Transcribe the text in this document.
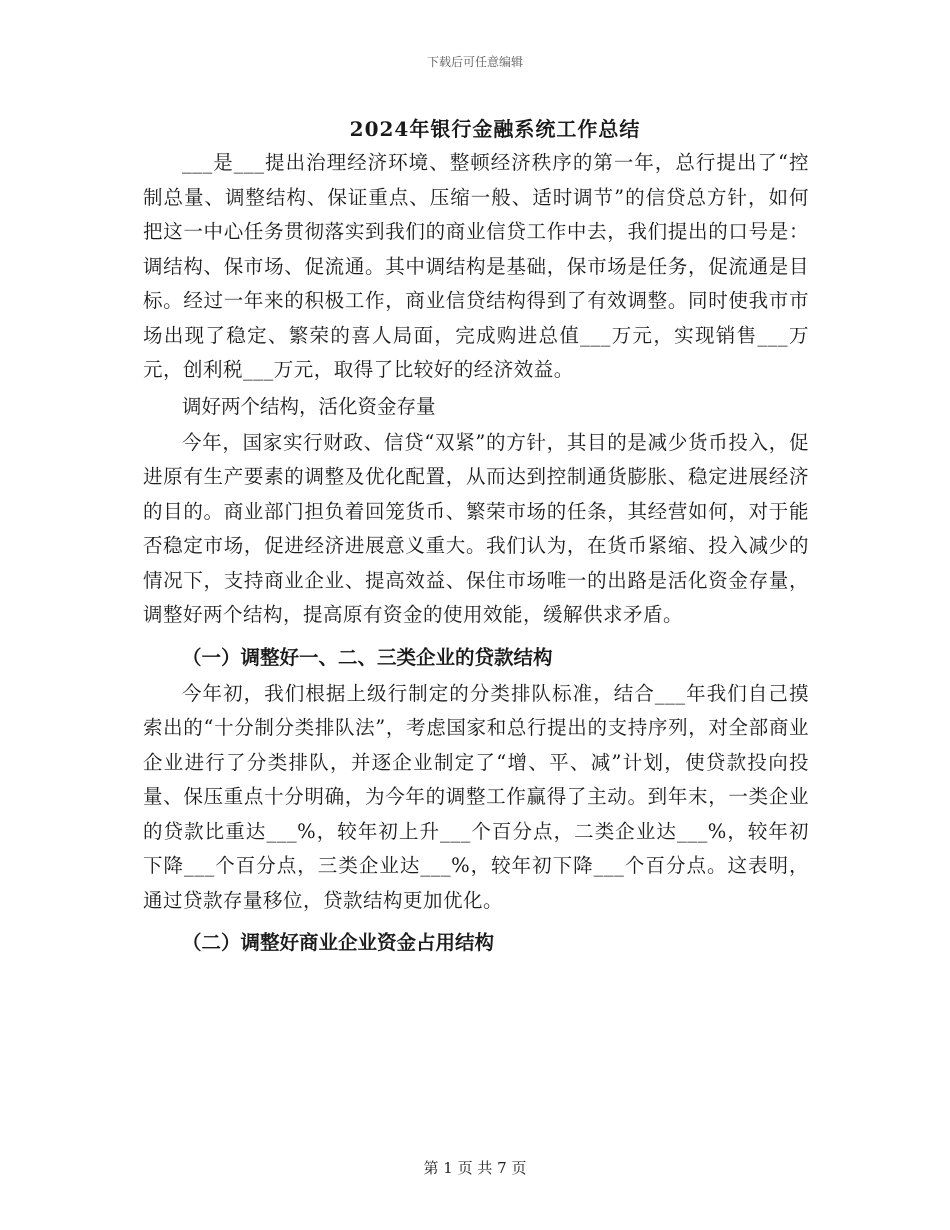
下载后可任意编辑
2024年银行金融系统工作总结

___是___提出治理经济环境、整顿经济秩序的第一年，总行提出了“控制总量、调整结构、保证重点、压缩一般、适时调节”的信贷总方针，如何把这一中心任务贯彻落实到我们的商业信贷工作中去，我们提出的口号是：调结构、保市场、促流通。其中调结构是基础，保市场是任务，促流通是目标。经过一年来的积极工作，商业信贷结构得到了有效调整。同时使我市市场出现了稳定、繁荣的喜人局面，完成购进总值___万元，实现销售___万元，创利税___万元，取得了比较好的经济效益。

调好两个结构，活化资金存量

今年，国家实行财政、信贷“双紧”的方针，其目的是减少货币投入，促进原有生产要素的调整及优化配置，从而达到控制通货膨胀、稳定进展经济的目的。商业部门担负着回笼货币、繁荣市场的任条，其经营如何，对于能否稳定市场，促进经济进展意义重大。我们认为，在货币紧缩、投入减少的情况下，支持商业企业、提高效益、保住市场唯一的出路是活化资金存量，调整好两个结构，提高原有资金的使用效能，缓解供求矛盾。

（一）调整好一、二、三类企业的贷款结构

今年初，我们根据上级行制定的分类排队标准，结合___年我们自己摸索出的“十分制分类排队法”，考虑国家和总行提出的支持序列，对全部商业企业进行了分类排队，并逐企业制定了“增、平、减”计划，使贷款投向投量、保压重点十分明确，为今年的调整工作赢得了主动。到年末，一类企业的贷款比重达___%，较年初上升___个百分点，二类企业达___%，较年初下降___个百分点，三类企业达___%，较年初下降___个百分点。这表明，通过贷款存量移位，贷款结构更加优化。

（二）调整好商业企业资金占用结构

第 1 页 共 7 页
